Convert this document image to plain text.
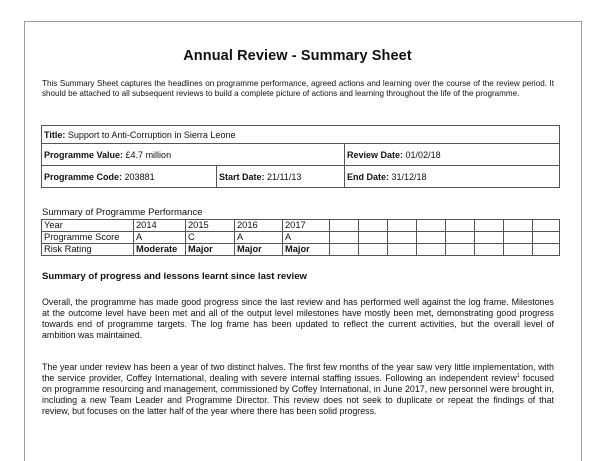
Annual Review - Summary Sheet

This Summary Sheet captures the headlines on programme performance, agreed actions and learning over the course of the review period. It should be attached to all subsequent reviews to build a complete picture of actions and learning throughout the life of the programme.

Title: Support to Anti-Corruption in Sierra Leone		
Programme Value: £4.7 million		Review Date: 01/02/18
Programme Code: 203881	Start Date: 21/11/13	End Date: 31/12/18
Summary of Programme Performance
Year	2014	2015	2016	2017								
Programme Score	A	C	A	A								
Risk Rating	Moderate	Major	Major	Major								
Summary of progress and lessons learnt since last review

Overall, the programme has made good progress since the last review and has performed well against the log frame. Milestones at the outcome level have been met and all of the output level milestones have mostly been met, demonstrating good progress towards end of programme targets. The log frame has been updated to reflect the current activities, but the overall level of ambition was maintained.

The year under review has been a year of two distinct halves. The first few months of the year saw very little implementation, with the service provider, Coffey International, dealing with severe internal staffing issues. Following an independent review$^1$ focused on programme resourcing and management, commissioned by Coffey International, in June 2017, new personnel were brought in, including a new Team Leader and Programme Director. This review does not seek to duplicate or repeat the findings of that review, but focuses on the latter half of the year where there has been solid progress.
